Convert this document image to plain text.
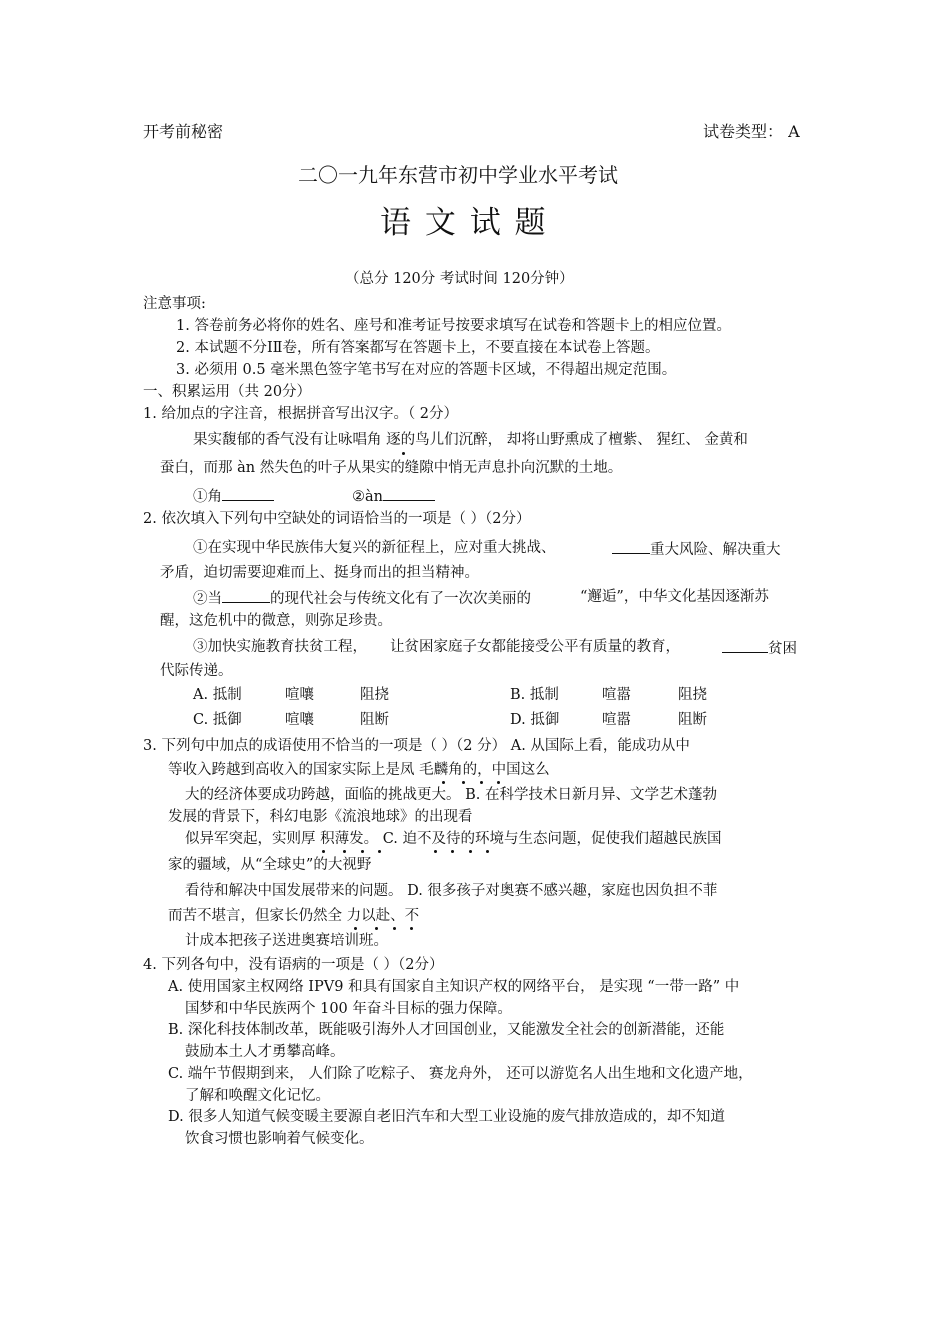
开考前秘密	试卷类型： A
二〇一九年东营市初中学业水平考试
语 文 试 题
（总分 120分 考试时间 120分钟）
注意事项:
1. 答卷前务必将你的姓名、座号和准考证号按要求填写在试卷和答题卡上的相应位置。
2. 本试题不分ⅠⅡ卷，所有答案都写在答题卡上，不要直接在本试卷上答题。
3. 必须用 0.5 毫米黑色签字笔书写在对应的答题卡区域，不得超出规定范围。
一、积累运用（共 20分）
1. 给加点的字注音，根据拼音写出汉字。（ 2分）
果实馥郁的香气没有让咏唱角 逐的鸟儿们沉醉， 却将山野熏成了檀紫、 猩红、 金黄和
蚕白，而那 àn 然失色的叶子从果实的缝隙中悄无声息扑向沉默的土地。
①角	②àn
2. 依次填入下列句中空缺处的词语恰当的一项是（ ）（2分）
①在实现中华民族伟大复兴的新征程上，应对重大挑战、	重大风险、解决重大
矛盾，迫切需要迎难而上、挺身而出的担当精神。
②当	的现代社会与传统文化有了一次次美丽的	“邂逅”，中华文化基因逐渐苏
醒，这危机中的微意，则弥足珍贵。
③加快实施教育扶贫工程， 让贫困家庭子女都能接受公平有质量的教育，	贫困
代际传递。
A. 抵制	喧嚷	阻挠	B. 抵制	喧嚣	阻挠
C. 抵御	喧嚷	阻断	D. 抵御	喧嚣	阻断
3. 下列句中加点的成语使用不恰当的一项是（ ）（2 分） A. 从国际上看，能成功从中
等收入跨越到高收入的国家实际上是凤 毛麟角的，中国这么
大的经济体要成功跨越，面临的挑战更大。 B. 在科学技术日新月异、文学艺术蓬勃
发展的背景下，科幻电影《流浪地球》的出现看
似异军突起，实则厚 积薄发。 C. 迫不及待的环境与生态问题，促使我们超越民族国
家的疆域，从“全球史”的大视野
看待和解决中国发展带来的问题。 D. 很多孩子对奥赛不感兴趣，家庭也因负担不菲
而苦不堪言，但家长仍然全 力以赴、不
计成本把孩子送进奥赛培训班。
4. 下列各句中，没有语病的一项是（ ）（2分）
A. 使用国家主权网络 IPV9 和具有国家自主知识产权的网络平台， 是实现 “一带一路” 中
国梦和中华民族两个 100 年奋斗目标的强力保障。
B. 深化科技体制改革，既能吸引海外人才回国创业，又能激发全社会的创新潜能，还能
鼓励本土人才勇攀高峰。
C. 端午节假期到来， 人们除了吃粽子、 赛龙舟外， 还可以游览名人出生地和文化遗产地，
了解和唤醒文化记忆。
D. 很多人知道气候变暖主要源自老旧汽车和大型工业设施的废气排放造成的，却不知道
饮食习惯也影响着气候变化。
